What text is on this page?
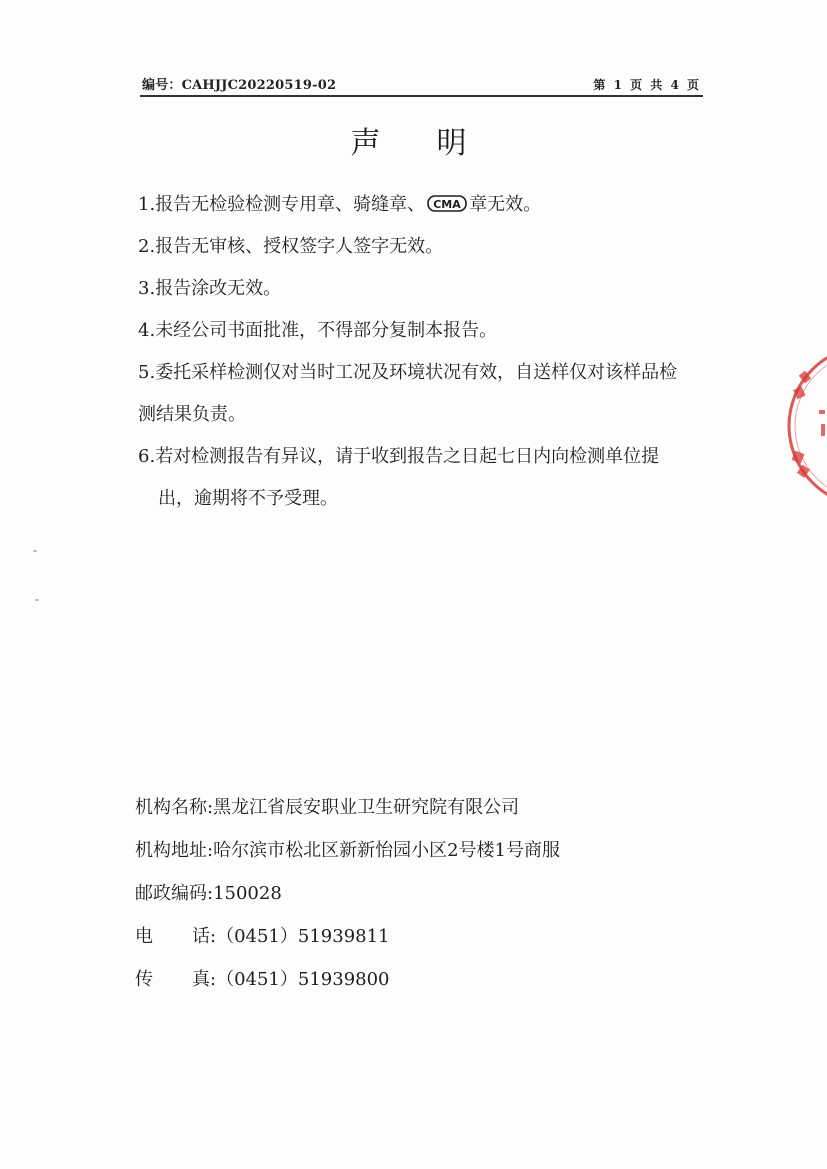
编号：CAHJJC20220519-02	第 1 页 共 4 页
声明
1.报告无检验检测专用章、骑缝章、 CMA 章无效。
2.报告无审核、授权签字人签字无效。
3.报告涂改无效。
4.未经公司书面批准，不得部分复制本报告。
5.委托采样检测仅对当时工况及环境状况有效，自送样仅对该样品检
测结果负责。
6.若对检测报告有异议，请于收到报告之日起七日内向检测单位提
出，逾期将不予受理。
机构名称:黑龙江省辰安职业卫生研究院有限公司
机构地址:哈尔滨市松北区新新怡园小区2号楼1号商服
邮政编码:150028
电 话:（0451）51939811
传 真:（0451）51939800
